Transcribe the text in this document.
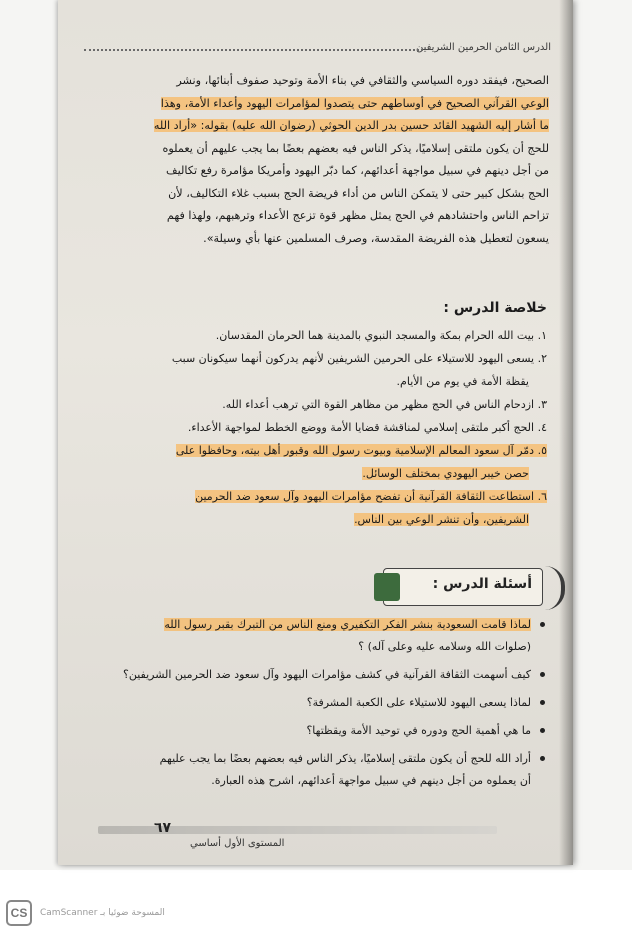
الدرس الثامن الحرمين الشريفين
الصحيح، فيفقد دوره السياسي والثقافي في بناء الأمة وتوحيد صفوف أبنائها، ونشر
الوعي القرآني الصحيح في أوساطهم حتى يتصدوا لمؤامرات اليهود وأعداء الأمة، وهذا
ما أشار إليه الشهيد القائد حسين بدر الدين الحوثي (رضوان الله عليه) بقوله: «أراد الله
للحج أن يكون ملتقى إسلاميًا، يذكر الناس فيه بعضهم بعضًا بما يجب عليهم أن يعملوه
من أجل دينهم في سبيل مواجهة أعدائهم، كما دبّر اليهود وأمريكا مؤامرة رفع تكاليف
الحج بشكل كبير حتى لا يتمكن الناس من أداء فريضة الحج بسبب غلاء التكاليف، لأن
تزاحم الناس واحتشادهم في الحج يمثل مظهر قوة تزعج الأعداء وترهبهم، ولهذا فهم
يسعون لتعطيل هذه الفريضة المقدسة، وصرف المسلمين عنها بأي وسيلة».
خلاصة الدرس :
١. بيت الله الحرام بمكة والمسجد النبوي بالمدينة هما الحرمان المقدسان.
٢. يسعى اليهود للاستيلاء على الحرمين الشريفين لأنهم يدركون أنهما سيكونان سبب
يقظة الأمة في يوم من الأيام.
٣. ازدحام الناس في الحج مظهر من مظاهر القوة التي ترهب أعداء الله.
٤. الحج أكبر ملتقى إسلامي لمناقشة قضايا الأمة ووضع الخطط لمواجهة الأعداء.
٥. دمّر آل سعود المعالم الإسلامية وبيوت رسول الله وقبور أهل بيته، وحافظوا على
حصن خيبر اليهودي بمختلف الوسائل.
٦. استطاعت الثقافة القرآنية أن تفضح مؤامرات اليهود وآل سعود ضد الحرمين
الشريفين، وأن تنشر الوعي بين الناس.
أسئلة الدرس :
لماذا قامت السعودية بنشر الفكر التكفيري ومنع الناس من التبرك بقبر رسول الله
(صلوات الله وسلامه عليه وعلى آله) ؟
كيف أسهمت الثقافة القرآنية في كشف مؤامرات اليهود وآل سعود ضد الحرمين الشريفين؟
لماذا يسعى اليهود للاستيلاء على الكعبة المشرفة؟
ما هي أهمية الحج ودوره في توحيد الأمة ويقظتها؟
أراد الله للحج أن يكون ملتقى إسلاميًا، يذكر الناس فيه بعضهم بعضًا بما يجب عليهم
أن يعملوه من أجل دينهم في سبيل مواجهة أعدائهم، اشرح هذه العبارة.
٦٧
المستوى الأول أساسي
CS	CamScanner المسوحة ضوئيا بـ
